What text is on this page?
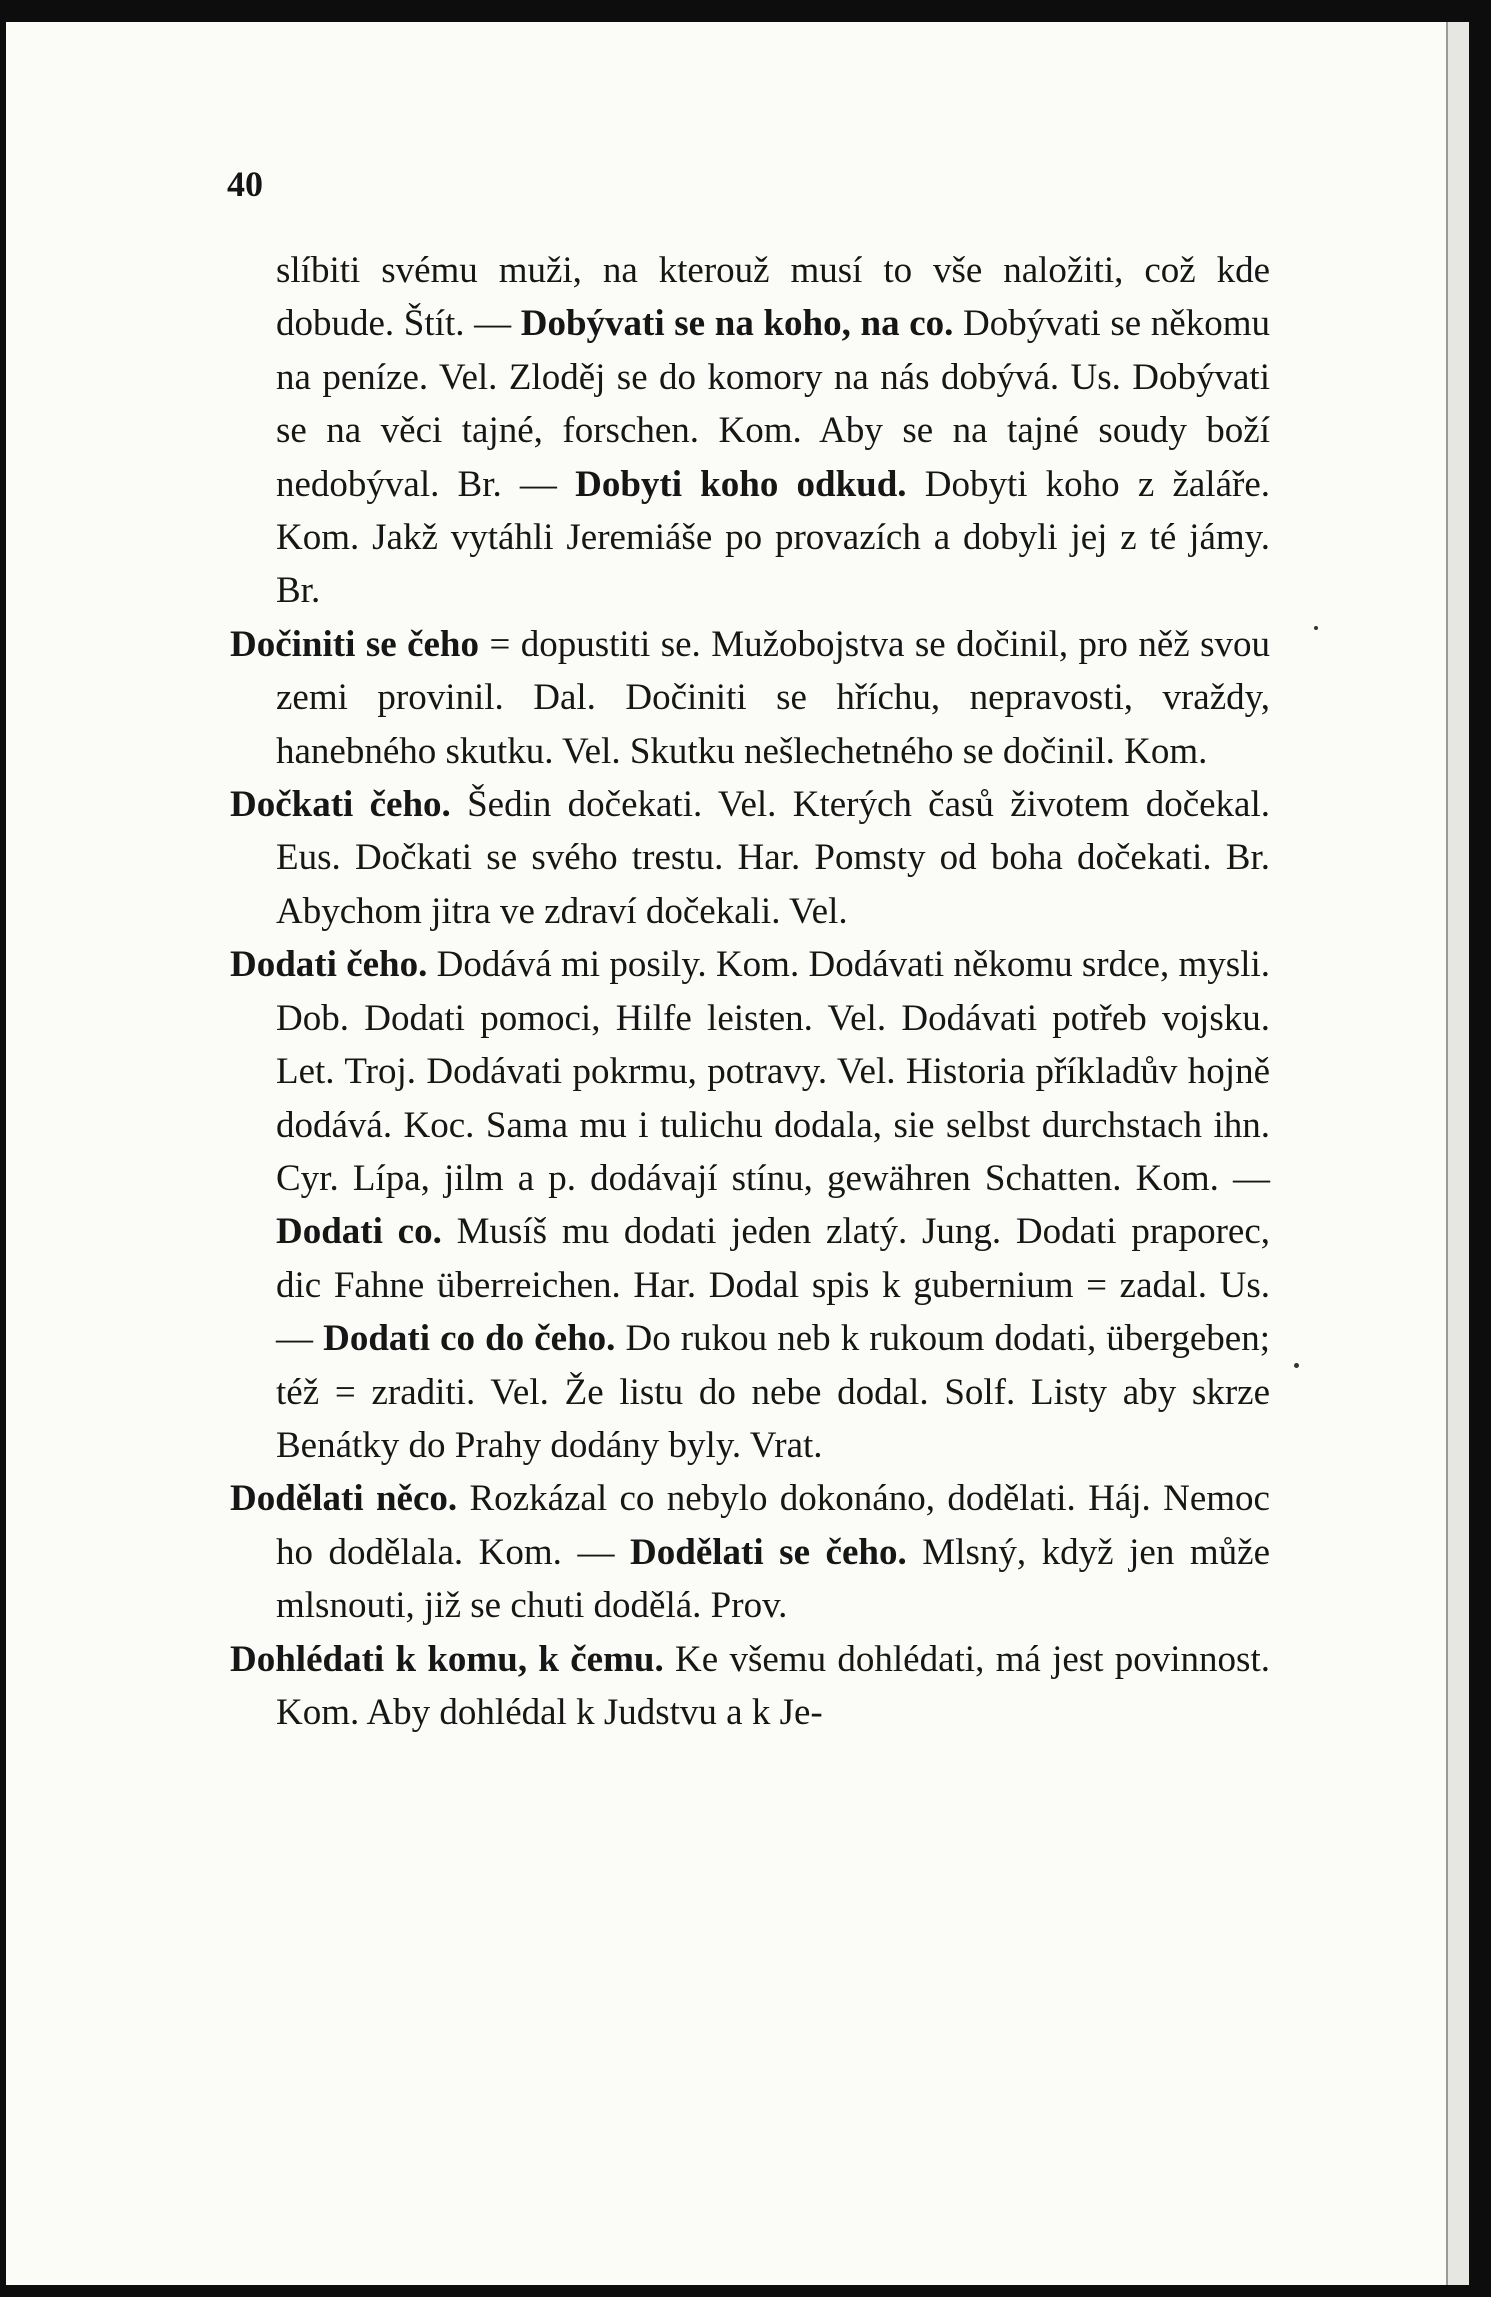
40

slíbiti svému muži, na kterouž musí to vše naložiti, což kde dobude. Štít. — Dobývati se na koho, na co. Dobývati se někomu na peníze. Vel. Zloděj se do komory na nás dobývá. Us. Dobývati se na věci tajné, forschen. Kom. Aby se na tajné soudy boží nedobýval. Br. — Dobyti koho odkud. Dobyti koho z žaláře. Kom. Jakž vytáhli Jeremiáše po provazích a dobyli jej z té jámy. Br.

Dočiniti se čeho = dopustiti se. Mužobojstva se dočinil, pro něž svou zemi provinil. Dal. Dočiniti se hříchu, nepravosti, vraždy, hanebného skutku. Vel. Skutku nešlechetného se dočinil. Kom.

Dočkati čeho. Šedin dočekati. Vel. Kterých časů životem dočekal. Eus. Dočkati se svého trestu. Har. Pomsty od boha dočekati. Br. Abychom jitra ve zdraví dočekali. Vel.

Dodati čeho. Dodává mi posily. Kom. Dodávati někomu srdce, mysli. Dob. Dodati pomoci, Hilfe leisten. Vel. Dodávati potřeb vojsku. Let. Troj. Dodávati pokrmu, potravy. Vel. Historia příkladův hojně dodává. Koc. Sama mu i tulichu dodala, sie selbst durchstach ihn. Cyr. Lípa, jilm a p. dodávají stínu, gewähren Schatten. Kom. — Dodati co. Musíš mu dodati jeden zlatý. Jung. Dodati praporec, dic Fahne überreichen. Har. Dodal spis k gubernium = zadal. Us. — Dodati co do čeho. Do rukou neb k rukoum dodati, übergeben; též = zraditi. Vel. Že listu do nebe dodal. Solf. Listy aby skrze Benátky do Prahy dodány byly. Vrat.

Dodělati něco. Rozkázal co nebylo dokonáno, dodělati. Háj. Nemoc ho dodělala. Kom. — Dodělati se čeho. Mlsný, když jen může mlsnouti, již se chuti dodělá. Prov.

Dohlédati k komu, k čemu. Ke všemu dohlédati, má jest povinnost. Kom. Aby dohlédal k Judstvu a k Je-
